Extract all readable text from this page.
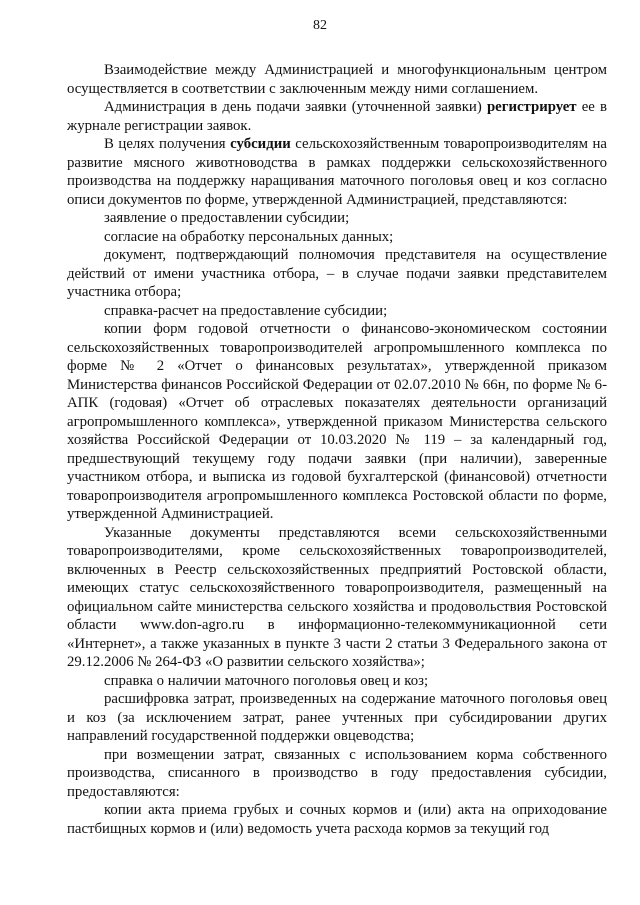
82

Взаимодействие между Администрацией и многофункциональным центром осуществляется в соответствии с заключенным между ними соглашением.

Администрация в день подачи заявки (уточненной заявки) регистрирует ее в журнале регистрации заявок.

В целях получения субсидии сельскохозяйственным товаропроизводителям на развитие мясного животноводства в рамках поддержки сельскохозяйственного производства на поддержку наращивания маточного поголовья овец и коз согласно описи документов по форме, утвержденной Администрацией, представляются:

заявление о предоставлении субсидии;

согласие на обработку персональных данных;

документ, подтверждающий полномочия представителя на осуществление действий от имени участника отбора, – в случае подачи заявки представителем участника отбора;

справка-расчет на предоставление субсидии;

копии форм годовой отчетности о финансово-экономическом состоянии сельскохозяйственных товаропроизводителей агропромышленного комплекса по форме № 2 «Отчет о финансовых результатах», утвержденной приказом Министерства финансов Российской Федерации от 02.07.2010 № 66н, по форме № 6-АПК (годовая) «Отчет об отраслевых показателях деятельности организаций агропромышленного комплекса», утвержденной приказом Министерства сельского хозяйства Российской Федерации от 10.03.2020 № 119 – за календарный год, предшествующий текущему году подачи заявки (при наличии), заверенные участником отбора, и выписка из годовой бухгалтерской (финансовой) отчетности товаропроизводителя агропромышленного комплекса Ростовской области по форме, утвержденной Администрацией.

Указанные документы представляются всеми сельскохозяйственными товаропроизводителями, кроме сельскохозяйственных товаропроизводителей, включенных в Реестр сельскохозяйственных предприятий Ростовской области, имеющих статус сельскохозяйственного товаропроизводителя, размещенный на официальном сайте министерства сельского хозяйства и продовольствия Ростовской области www.don-agro.ru в информационно-телекоммуникационной сети «Интернет», а также указанных в пункте 3 части 2 статьи 3 Федерального закона от 29.12.2006 № 264-ФЗ «О развитии сельского хозяйства»;

справка о наличии маточного поголовья овец и коз;

расшифровка затрат, произведенных на содержание маточного поголовья овец и коз (за исключением затрат, ранее учтенных при субсидировании других направлений государственной поддержки овцеводства;

при возмещении затрат, связанных с использованием корма собственного производства, списанного в производство в году предоставления субсидии, предоставляются:

копии акта приема грубых и сочных кормов и (или) акта на оприходование пастбищных кормов и (или) ведомость учета расхода кормов за текущий год
